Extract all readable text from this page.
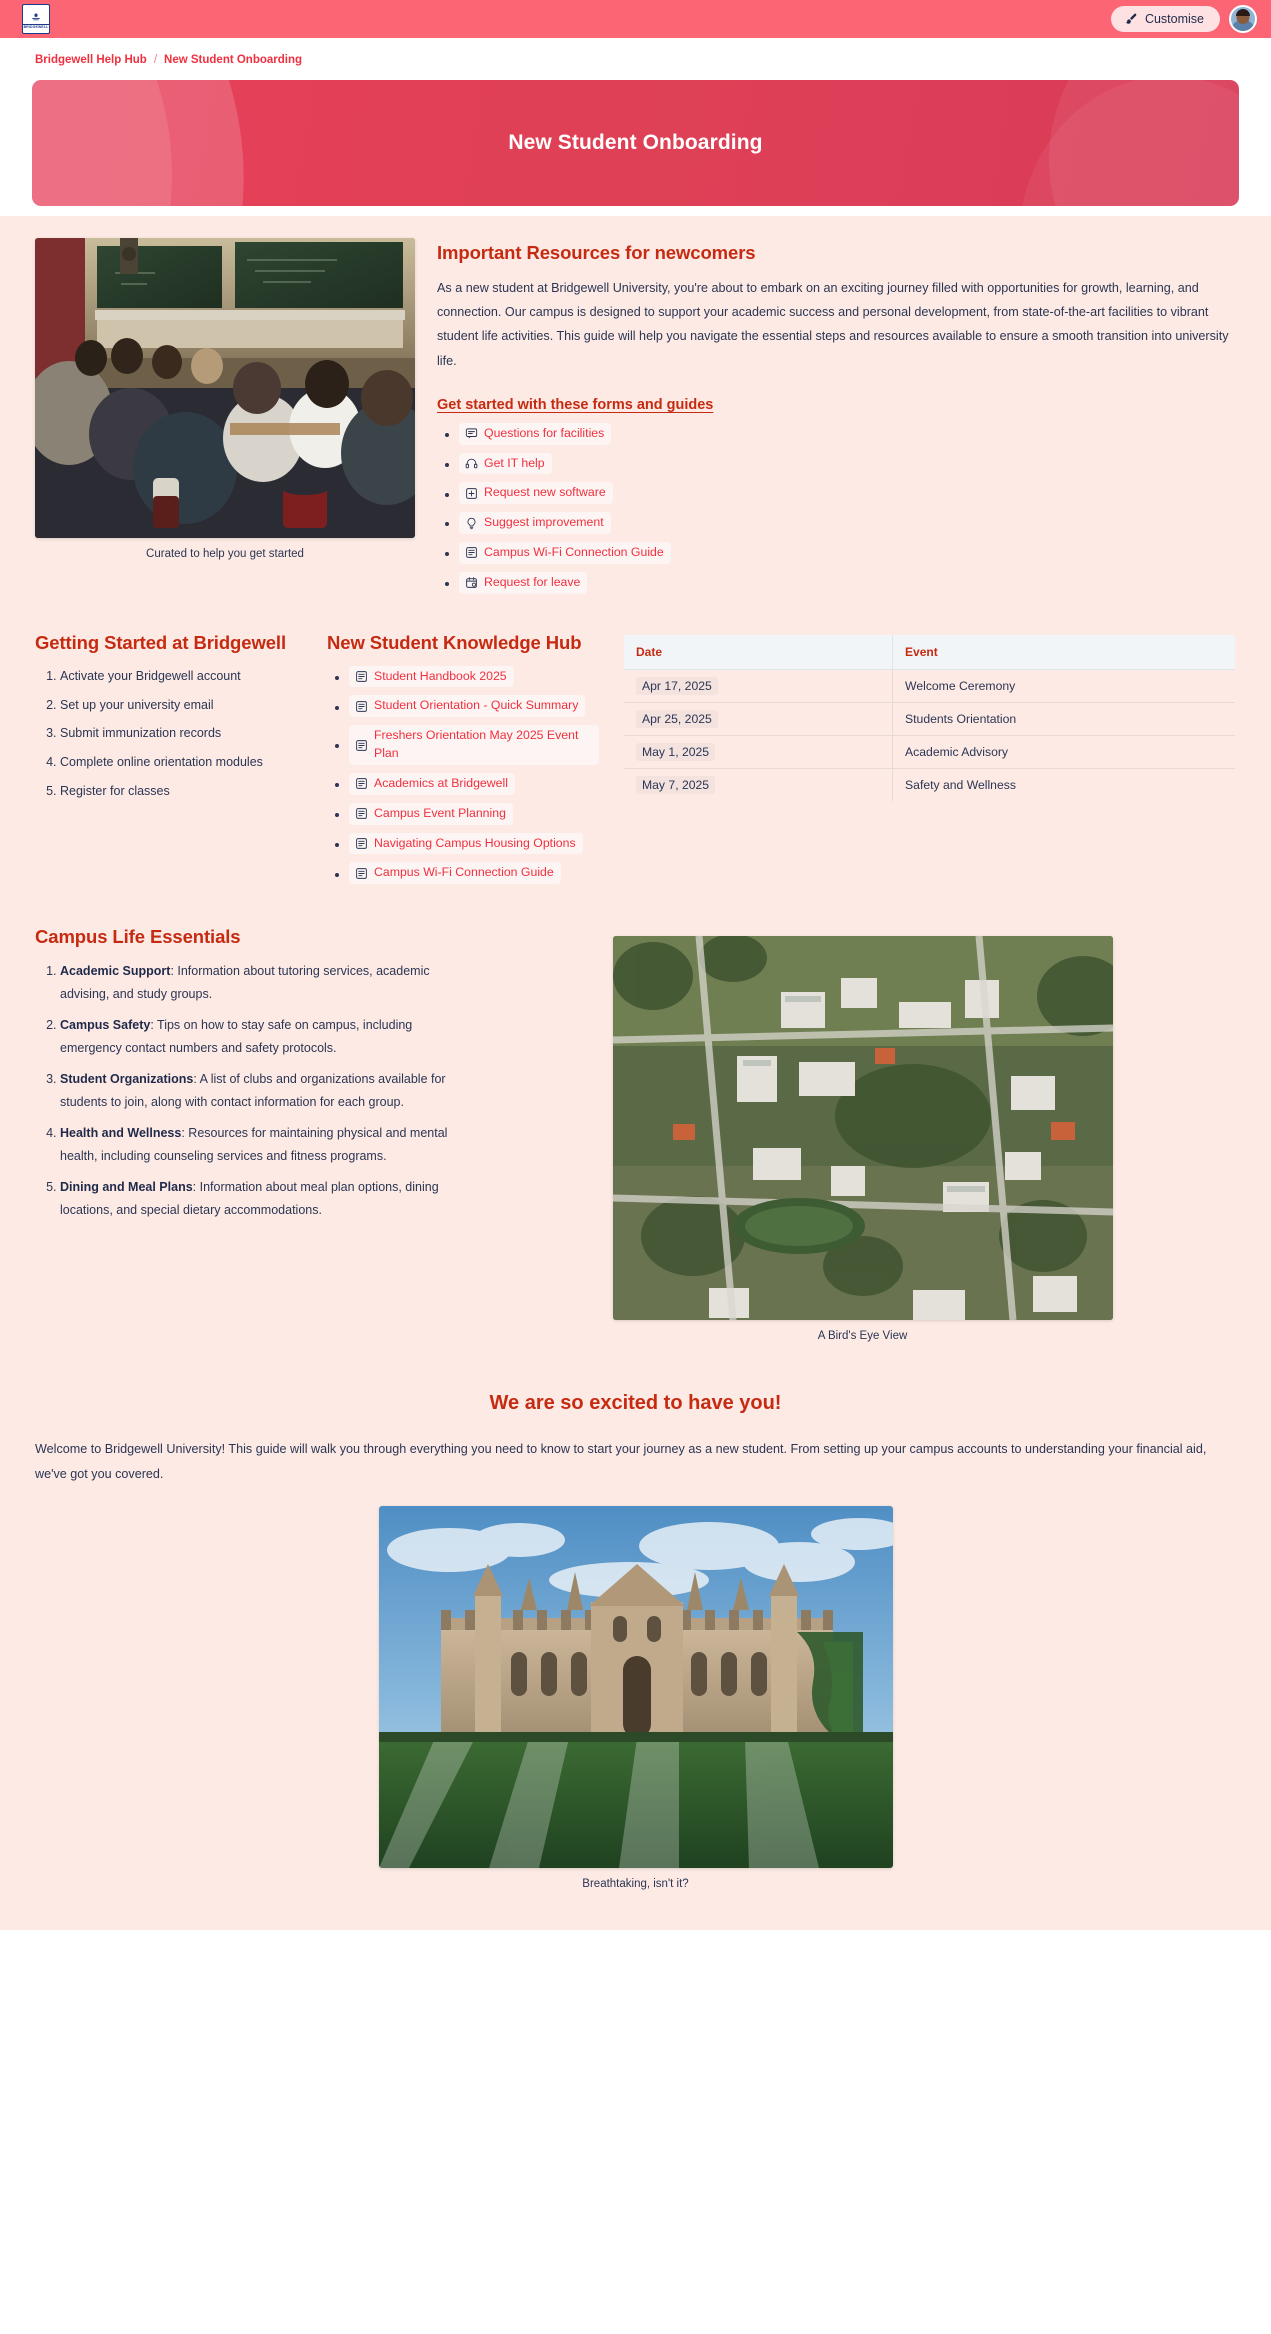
BRIDGEWELL
Customise
Bridgewell Help Hub / New Student Onboarding
New Student Onboarding
Curated to help you get started
Important Resources for newcomers

As a new student at Bridgewell University, you're about to embark on an exciting journey filled with opportunities for growth, learning, and connection. Our campus is designed to support your academic success and personal development, from state-of-the-art facilities to vibrant student life activities. This guide will help you navigate the essential steps and resources available to ensure a smooth transition into university life.

Get started with these forms and guides
• Questions for facilities
• Get IT help
• Request new software
• Suggest improvement
• Campus Wi-Fi Connection Guide
• Request for leave
Getting Started at Bridgewell
1. Activate your Bridgewell account
2. Set up your university email
3. Submit immunization records
4. Complete online orientation modules
5. Register for classes
New Student Knowledge Hub
• Student Handbook 2025
• Student Orientation - Quick Summary
• Freshers Orientation May 2025 Event Plan
• Academics at Bridgewell
• Campus Event Planning
• Navigating Campus Housing Options
• Campus Wi-Fi Connection Guide
Date	Event
Apr 17, 2025	Welcome Ceremony
Apr 25, 2025	Students Orientation
May 1, 2025	Academic Advisory
May 7, 2025	Safety and Wellness
Campus Life Essentials
1. Academic Support: Information about tutoring services, academic advising, and study groups.
2. Campus Safety: Tips on how to stay safe on campus, including emergency contact numbers and safety protocols.
3. Student Organizations: A list of clubs and organizations available for students to join, along with contact information for each group.
4. Health and Wellness: Resources for maintaining physical and mental health, including counseling services and fitness programs.
5. Dining and Meal Plans: Information about meal plan options, dining locations, and special dietary accommodations.
A Bird's Eye View
We are so excited to have you!

Welcome to Bridgewell University! This guide will walk you through everything you need to know to start your journey as a new student. From setting up your campus accounts to understanding your financial aid, we've got you covered.

Breathtaking, isn't it?
